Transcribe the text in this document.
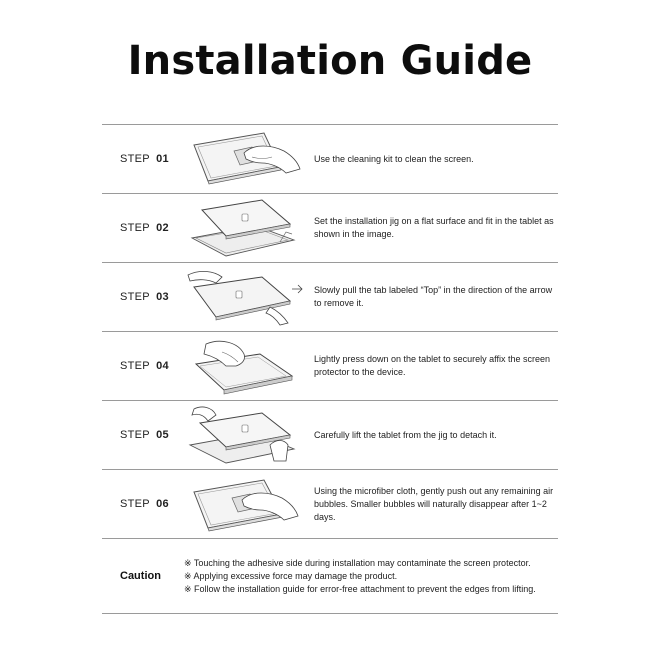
Installation Guide
STEP 01	Use the cleaning kit to clean the screen.
STEP 02
Set the installation jig on a flat surface and fit in the tablet as shown in the image.
STEP 03
Slowly pull the tab labeled “Top” in the direction of the arrow to remove it.
STEP 04
Lightly press down on the tablet to securely affix the screen protector to the device.
STEP 05	Carefully lift the tablet from the jig to detach it.
STEP 06
Using the microfiber cloth, gently push out any remaining air bubbles. Smaller bubbles will naturally disappear after 1~2 days.
Caution
※ Touching the adhesive side during installation may contaminate the screen protector.
※ Applying excessive force may damage the product.
※ Follow the installation guide for error-free attachment to prevent the edges from lifting.
